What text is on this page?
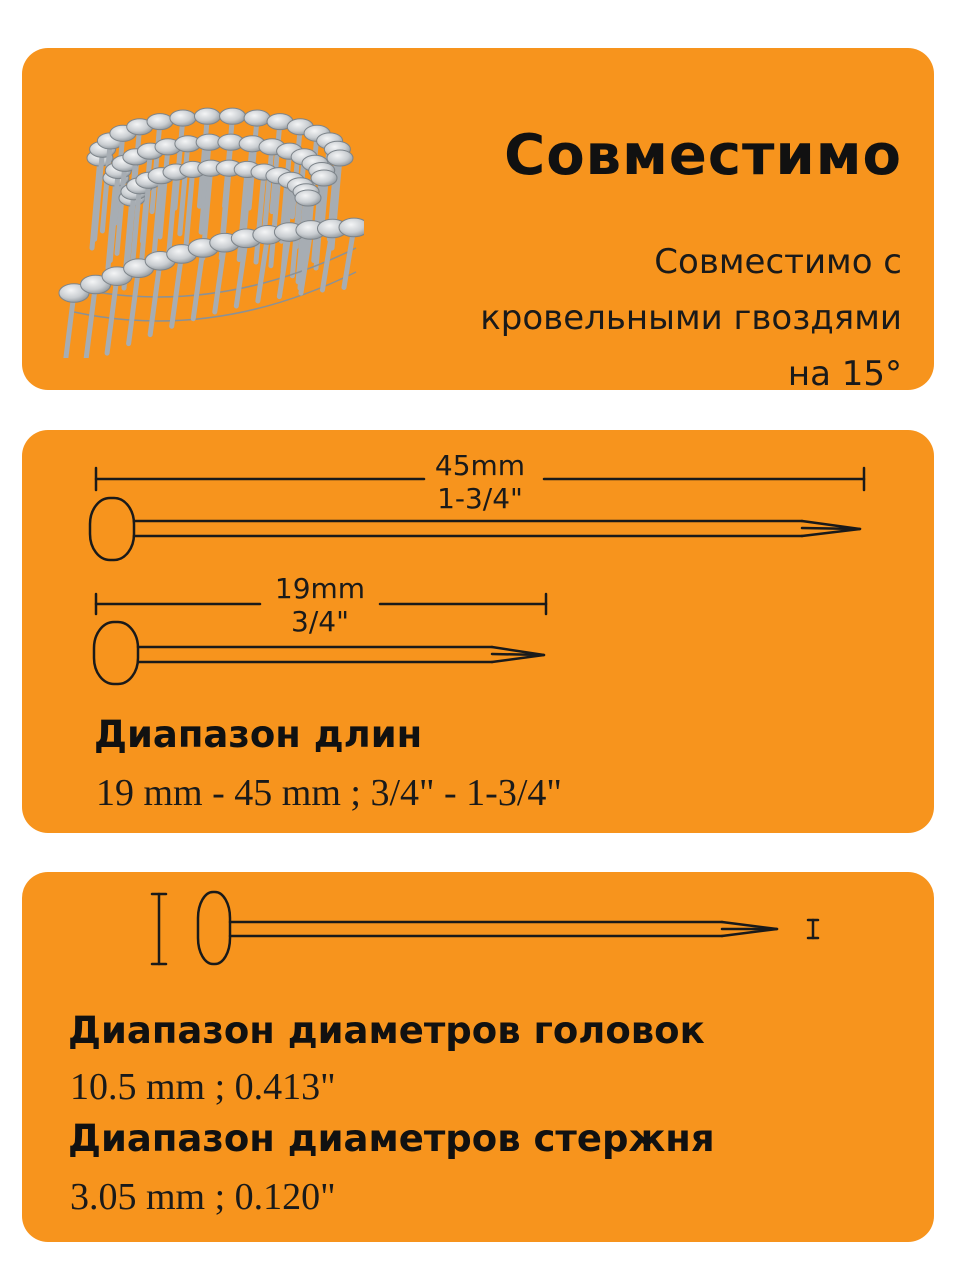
Совместимо
Совместимо с
кровельными гвоздями
на 15°
45mm
1-3/4"
19mm
3/4"
Диапазон длин

19 mm - 45 mm ; 3/4" - 1-3/4"

Диапазон диаметров головок

10.5 mm ; 0.413"

Диапазон диаметров стержня

3.05 mm ; 0.120"
